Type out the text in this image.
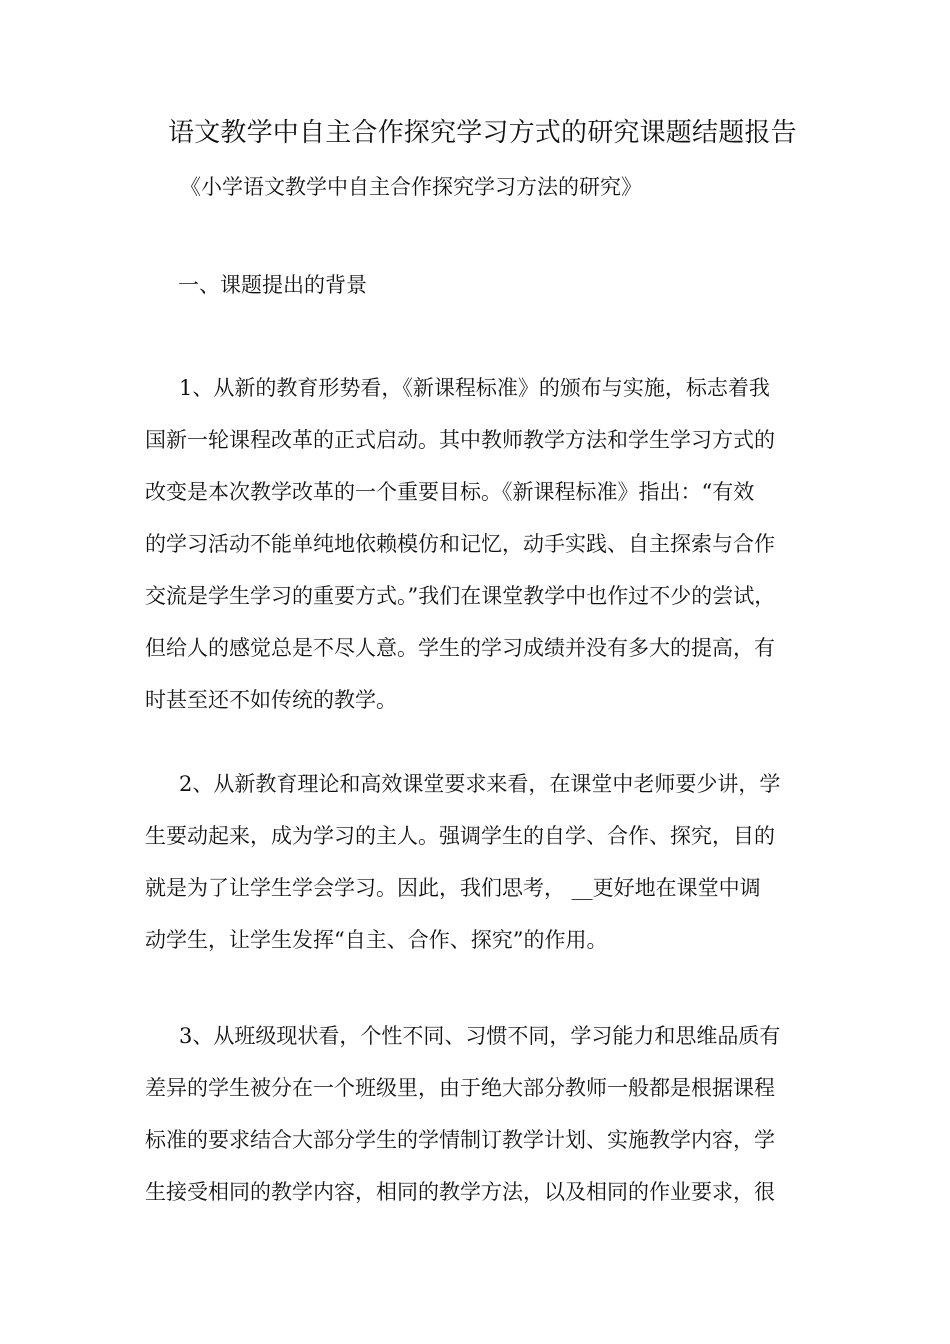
语文教学中自主合作探究学习方式的研究课题结题报告
《小学语文教学中自主合作探究学习方法的研究》
一、课题提出的背景
1、从新的教育形势看，《新课程标准》的颁布与实施，标志着我
国新一轮课程改革的正式启动。其中教师教学方法和学生学习方式的
改变是本次教学改革的一个重要目标。《新课程标准》指出：“有效
的学习活动不能单纯地依赖模仿和记忆，动手实践、自主探索与合作
交流是学生学习的重要方式。”我们在课堂教学中也作过不少的尝试，
但给人的感觉总是不尽人意。学生的学习成绩并没有多大的提高，有
时甚至还不如传统的教学。
2、从新教育理论和高效课堂要求来看，在课堂中老师要少讲，学
生要动起来，成为学习的主人。强调学生的自学、合作、探究，目的
就是为了让学生学会学习。因此，我们思考， __更好地在课堂中调
动学生，让学生发挥“自主、合作、探究”的作用。
3、从班级现状看，个性不同、习惯不同，学习能力和思维品质有
差异的学生被分在一个班级里，由于绝大部分教师一般都是根据课程
标准的要求结合大部分学生的学情制订教学计划、实施教学内容，学
生接受相同的教学内容，相同的教学方法，以及相同的作业要求，很
